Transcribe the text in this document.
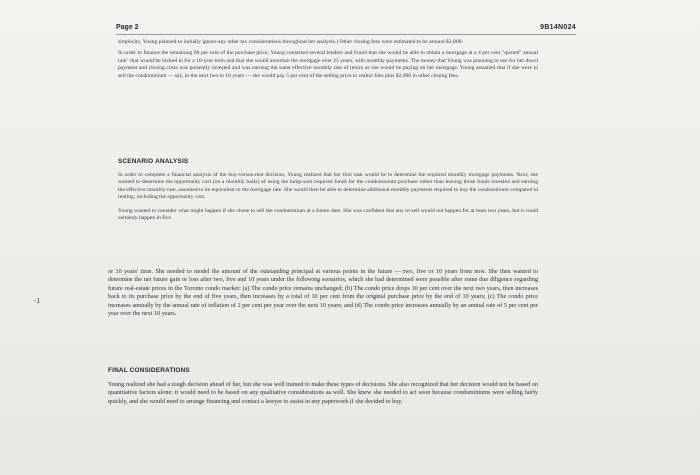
Page 2	9B14N024

simplicity, Young planned to initially ignore any other tax considerations throughout her analysis.) Other closing fees were estimated to be around $2,000.

In order to finance the remaining 80 per cent of the purchase price, Young contacted several lenders and found that she would be able to obtain a mortgage at a 4 per cent "quoted" annual rate" that would be locked in for a 10-year term and that she would amortize the mortgage over 25 years, with monthly payments. The money that Young was planning to use for her down payment and closing costs was presently invested and was earning the same effective monthly rate of return as she would be paying on her mortgage. Young assumed that if she were to sell the condominium — say, in the next two to 10 years — she would pay 5 per cent of the selling price to realtor fees plus $2,000 in other closing fees.

SCENARIO ANALYSIS

In order to complete a financial analysis of the buy-versus-rent decision, Young realized that her first task would be to determine the required monthly mortgage payments. Next, she wanted to determine the opportunity cost (on a monthly basis) of using the lump-sum required funds for the condominium purchase rather than leaving those funds invested and earning the effective monthly rate, assumed to be equivalent to the mortgage rate. She would then be able to determine additional monthly payments required to buy the condominium compared to renting, including the opportunity cost.

Young wanted to consider what might happen if she chose to sell the condominium at a future date. She was confident that any re-sell would not happen for at least two years, but it could certainly happen in five

-1

or 10 years' time. She needed to model the amount of the outstanding principal at various points in the future — two, five or 10 years from now. She then wanted to determine the net future gain or loss after two, five and 10 years under the following scenarios, which she had determined were possible after some due diligence regarding future real-estate prices in the Toronto condo market: (a) The condo price remains unchanged; (b) The condo price drops 10 per cent over the next two years, then increases back to its purchase price by the end of five years, then increases by a total of 10 per cent from the original purchase price by the end of 10 years; (c) The condo price increases annually by the annual rate of inflation of 2 per cent per year over the next 10 years; and (d) The condo price increases annually by an annual rate of 5 per cent per year over the next 10 years.

FINAL CONSIDERATIONS

Young realized she had a tough decision ahead of her, but she was well trained to make these types of decisions. She also recognized that her decision would not be based on quantitative factors alone; it would need to be based on any qualitative considerations as well. She knew she needed to act soon because condominiums were selling fairly quickly, and she would need to arrange financing and contact a lawyer to assist in any paperwork if she decided to buy.
